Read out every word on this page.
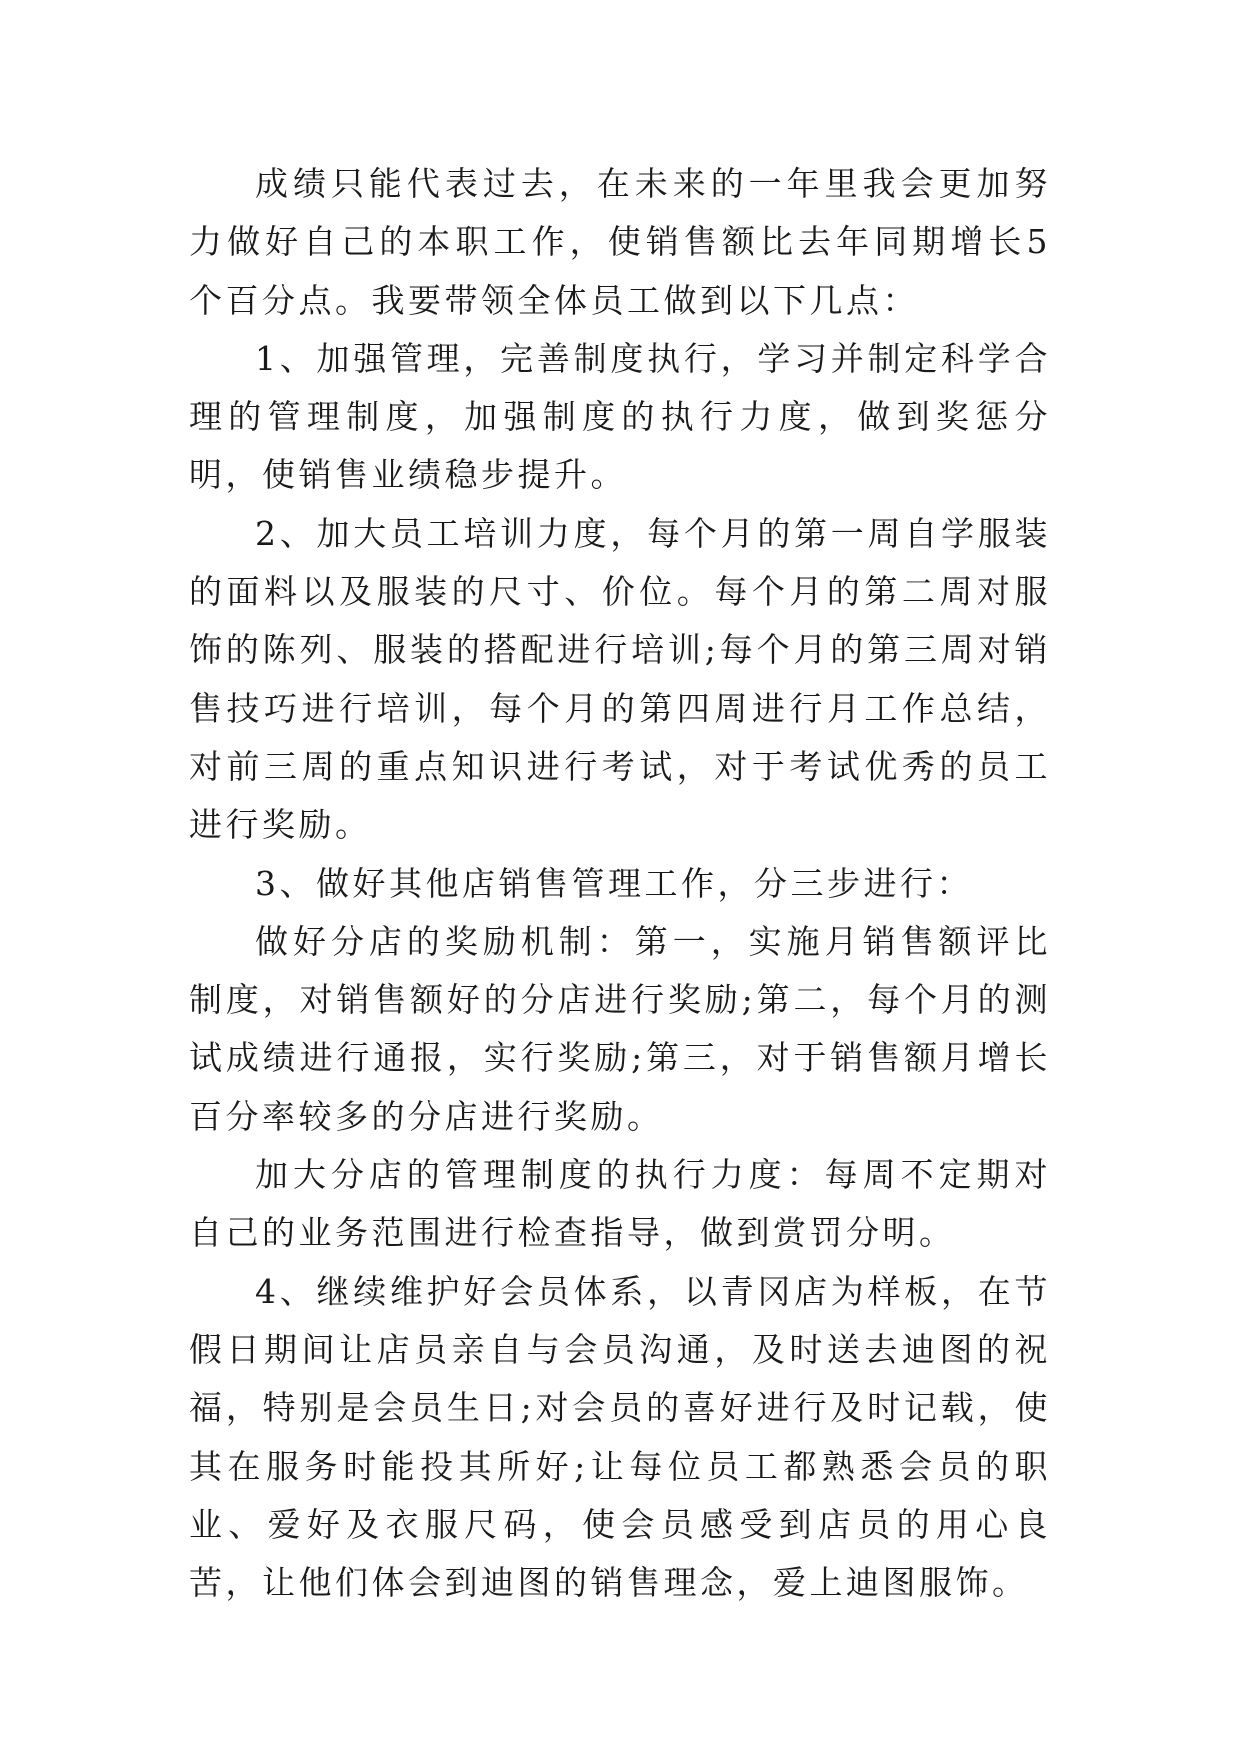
成绩只能代表过去，在未来的一年里我会更加努力做好自己的本职工作，使销售额比去年同期增长5个百分点。我要带领全体员工做到以下几点：

1、加强管理，完善制度执行，学习并制定科学合理的管理制度，加强制度的执行力度，做到奖惩分明，使销售业绩稳步提升。

2、加大员工培训力度，每个月的第一周自学服装的面料以及服装的尺寸、价位。每个月的第二周对服饰的陈列、服装的搭配进行培训;每个月的第三周对销售技巧进行培训，每个月的第四周进行月工作总结，对前三周的重点知识进行考试，对于考试优秀的员工进行奖励。

3、做好其他店销售管理工作，分三步进行：

做好分店的奖励机制：第一，实施月销售额评比制度，对销售额好的分店进行奖励;第二，每个月的测试成绩进行通报，实行奖励;第三，对于销售额月增长百分率较多的分店进行奖励。

加大分店的管理制度的执行力度：每周不定期对自己的业务范围进行检查指导，做到赏罚分明。

4、继续维护好会员体系，以青冈店为样板，在节假日期间让店员亲自与会员沟通，及时送去迪图的祝福，特别是会员生日;对会员的喜好进行及时记载，使其在服务时能投其所好;让每位员工都熟悉会员的职业、爱好及衣服尺码，使会员感受到店员的用心良苦，让他们体会到迪图的销售理念，爱上迪图服饰。
